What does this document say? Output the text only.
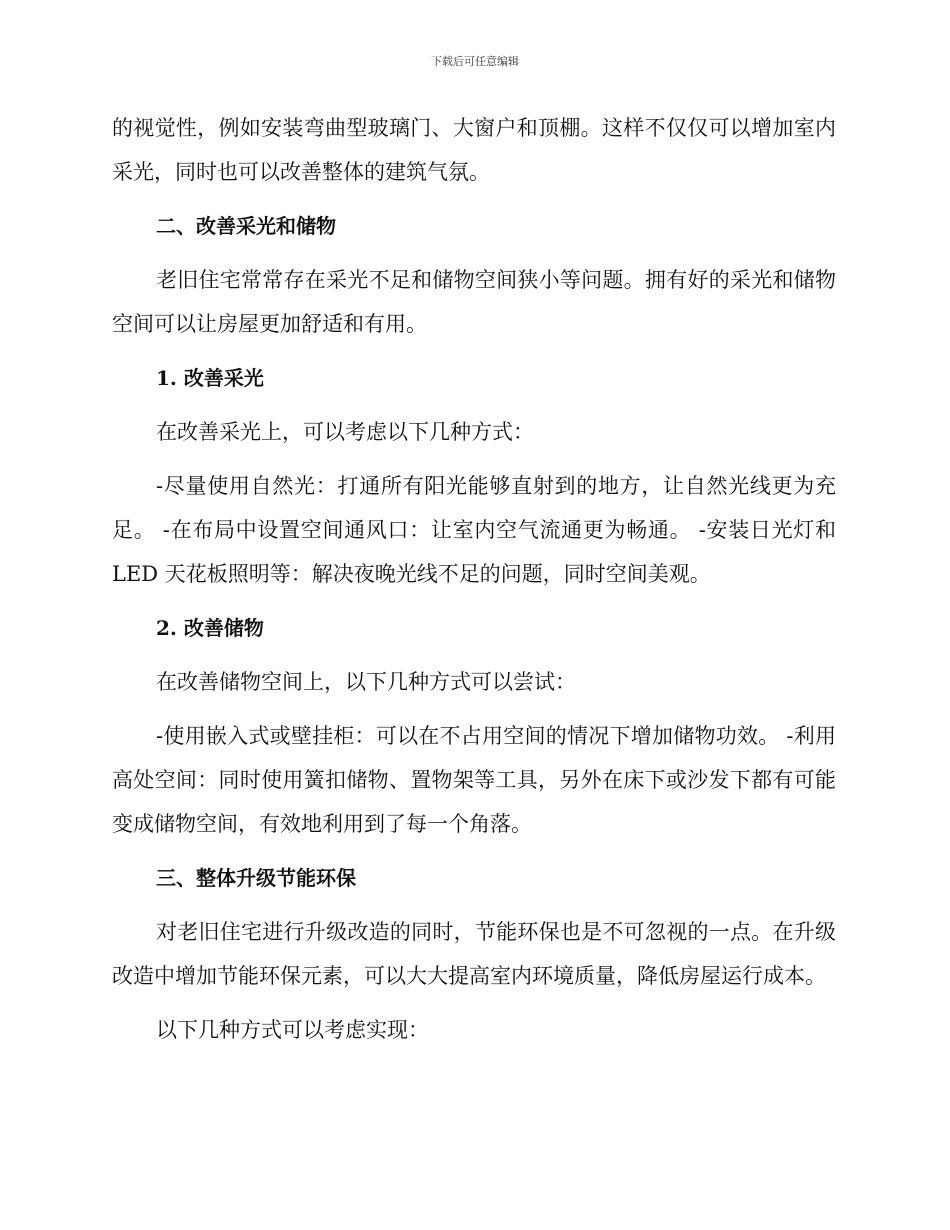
下载后可任意编辑

的视觉性，例如安装弯曲型玻璃门、大窗户和顶棚。这样不仅仅可以增加室内采光，同时也可以改善整体的建筑气氛。

二、改善采光和储物

老旧住宅常常存在采光不足和储物空间狭小等问题。拥有好的采光和储物空间可以让房屋更加舒适和有用。

1. 改善采光

在改善采光上，可以考虑以下几种方式：

-尽量使用自然光：打通所有阳光能够直射到的地方，让自然光线更为充足。 -在布局中设置空间通风口：让室内空气流通更为畅通。 -安装日光灯和LED 天花板照明等：解决夜晚光线不足的问题，同时空间美观。

2. 改善储物

在改善储物空间上，以下几种方式可以尝试：

-使用嵌入式或壁挂柜：可以在不占用空间的情况下增加储物功效。 -利用高处空间：同时使用簧扣储物、置物架等工具，另外在床下或沙发下都有可能变成储物空间，有效地利用到了每一个角落。

三、整体升级节能环保

对老旧住宅进行升级改造的同时，节能环保也是不可忽视的一点。在升级改造中增加节能环保元素，可以大大提高室内环境质量，降低房屋运行成本。

以下几种方式可以考虑实现：
